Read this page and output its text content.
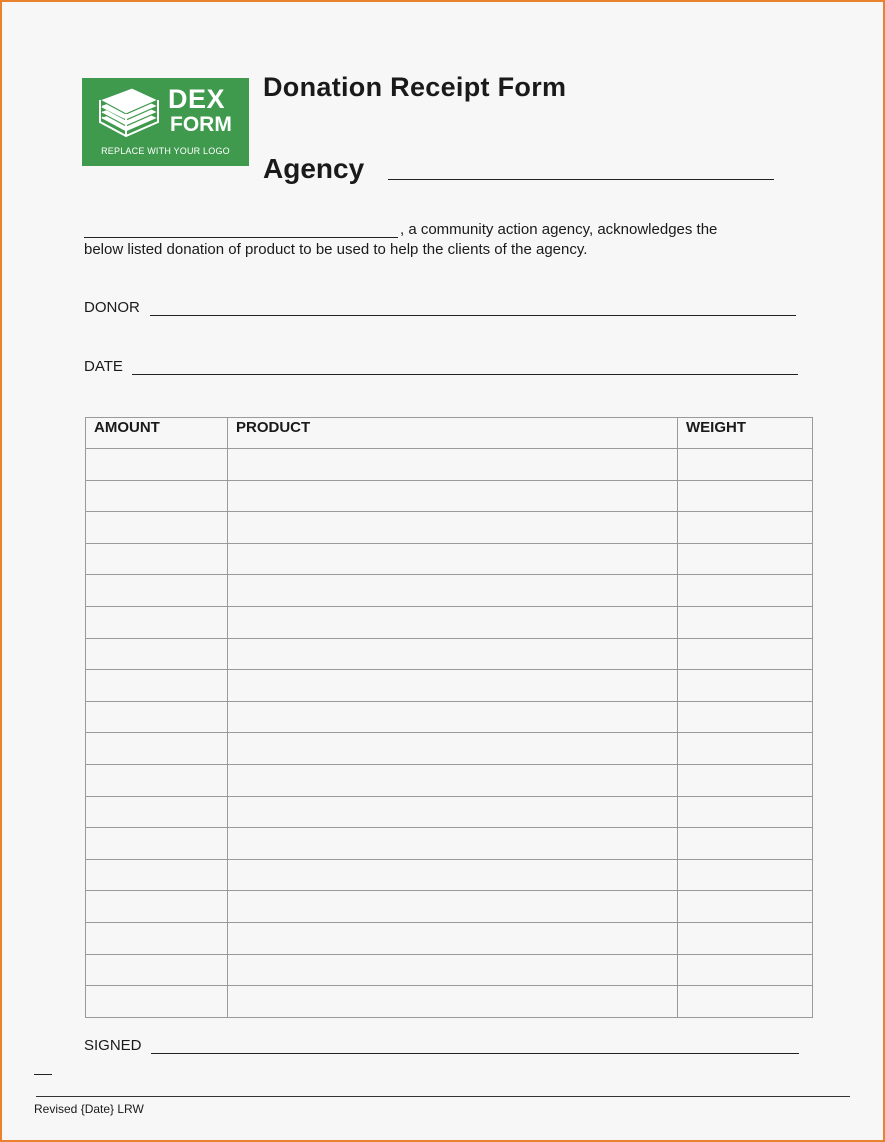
DEX
FORM
REPLACE WITH YOUR LOGO
Donation Receipt Form
Agency
, a community action agency, acknowledges the
below listed donation of product to be used to help the clients of the agency.
DONOR
DATE
AMOUNT	PRODUCT	WEIGHT

SIGNED
Revised {Date} LRW
